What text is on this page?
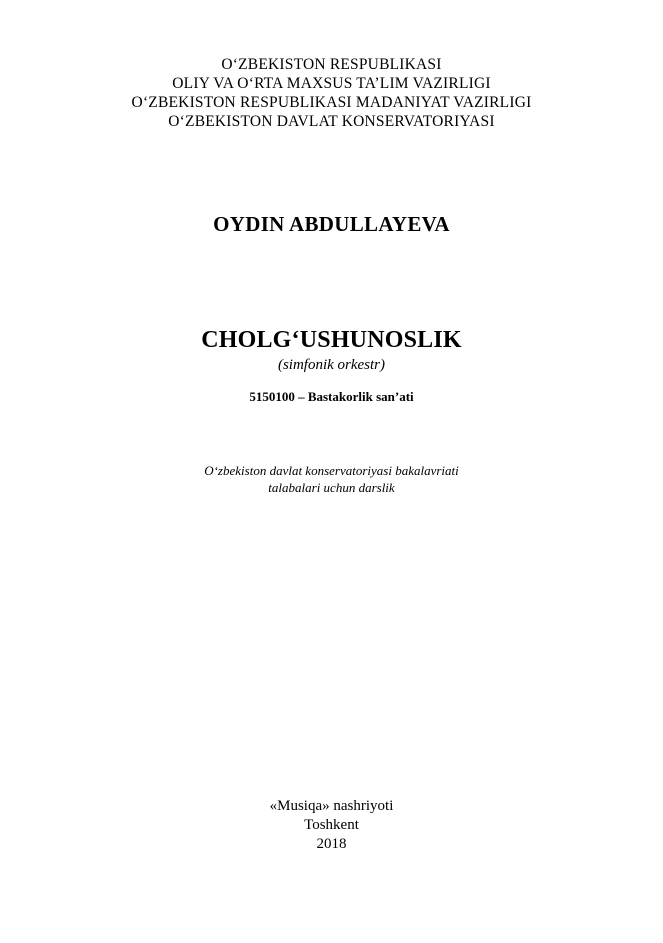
O‘ZBEKISTON RESPUBLIKASI
OLIY VA O‘RTA MAXSUS TA’LIM VAZIRLIGI
O‘ZBEKISTON RESPUBLIKASI MADANIYAT VAZIRLIGI
O‘ZBEKISTON DAVLAT KONSERVATORIYASI
OYDIN ABDULLAYEVA
CHOLG‘USHUNOSLIK
(simfonik orkestr)
5150100 – Bastakorlik san’ati
O‘zbekiston davlat konservatoriyasi bakalavriati
talabalari uchun darslik
«Musiqa» nashriyoti
Toshkent
2018
